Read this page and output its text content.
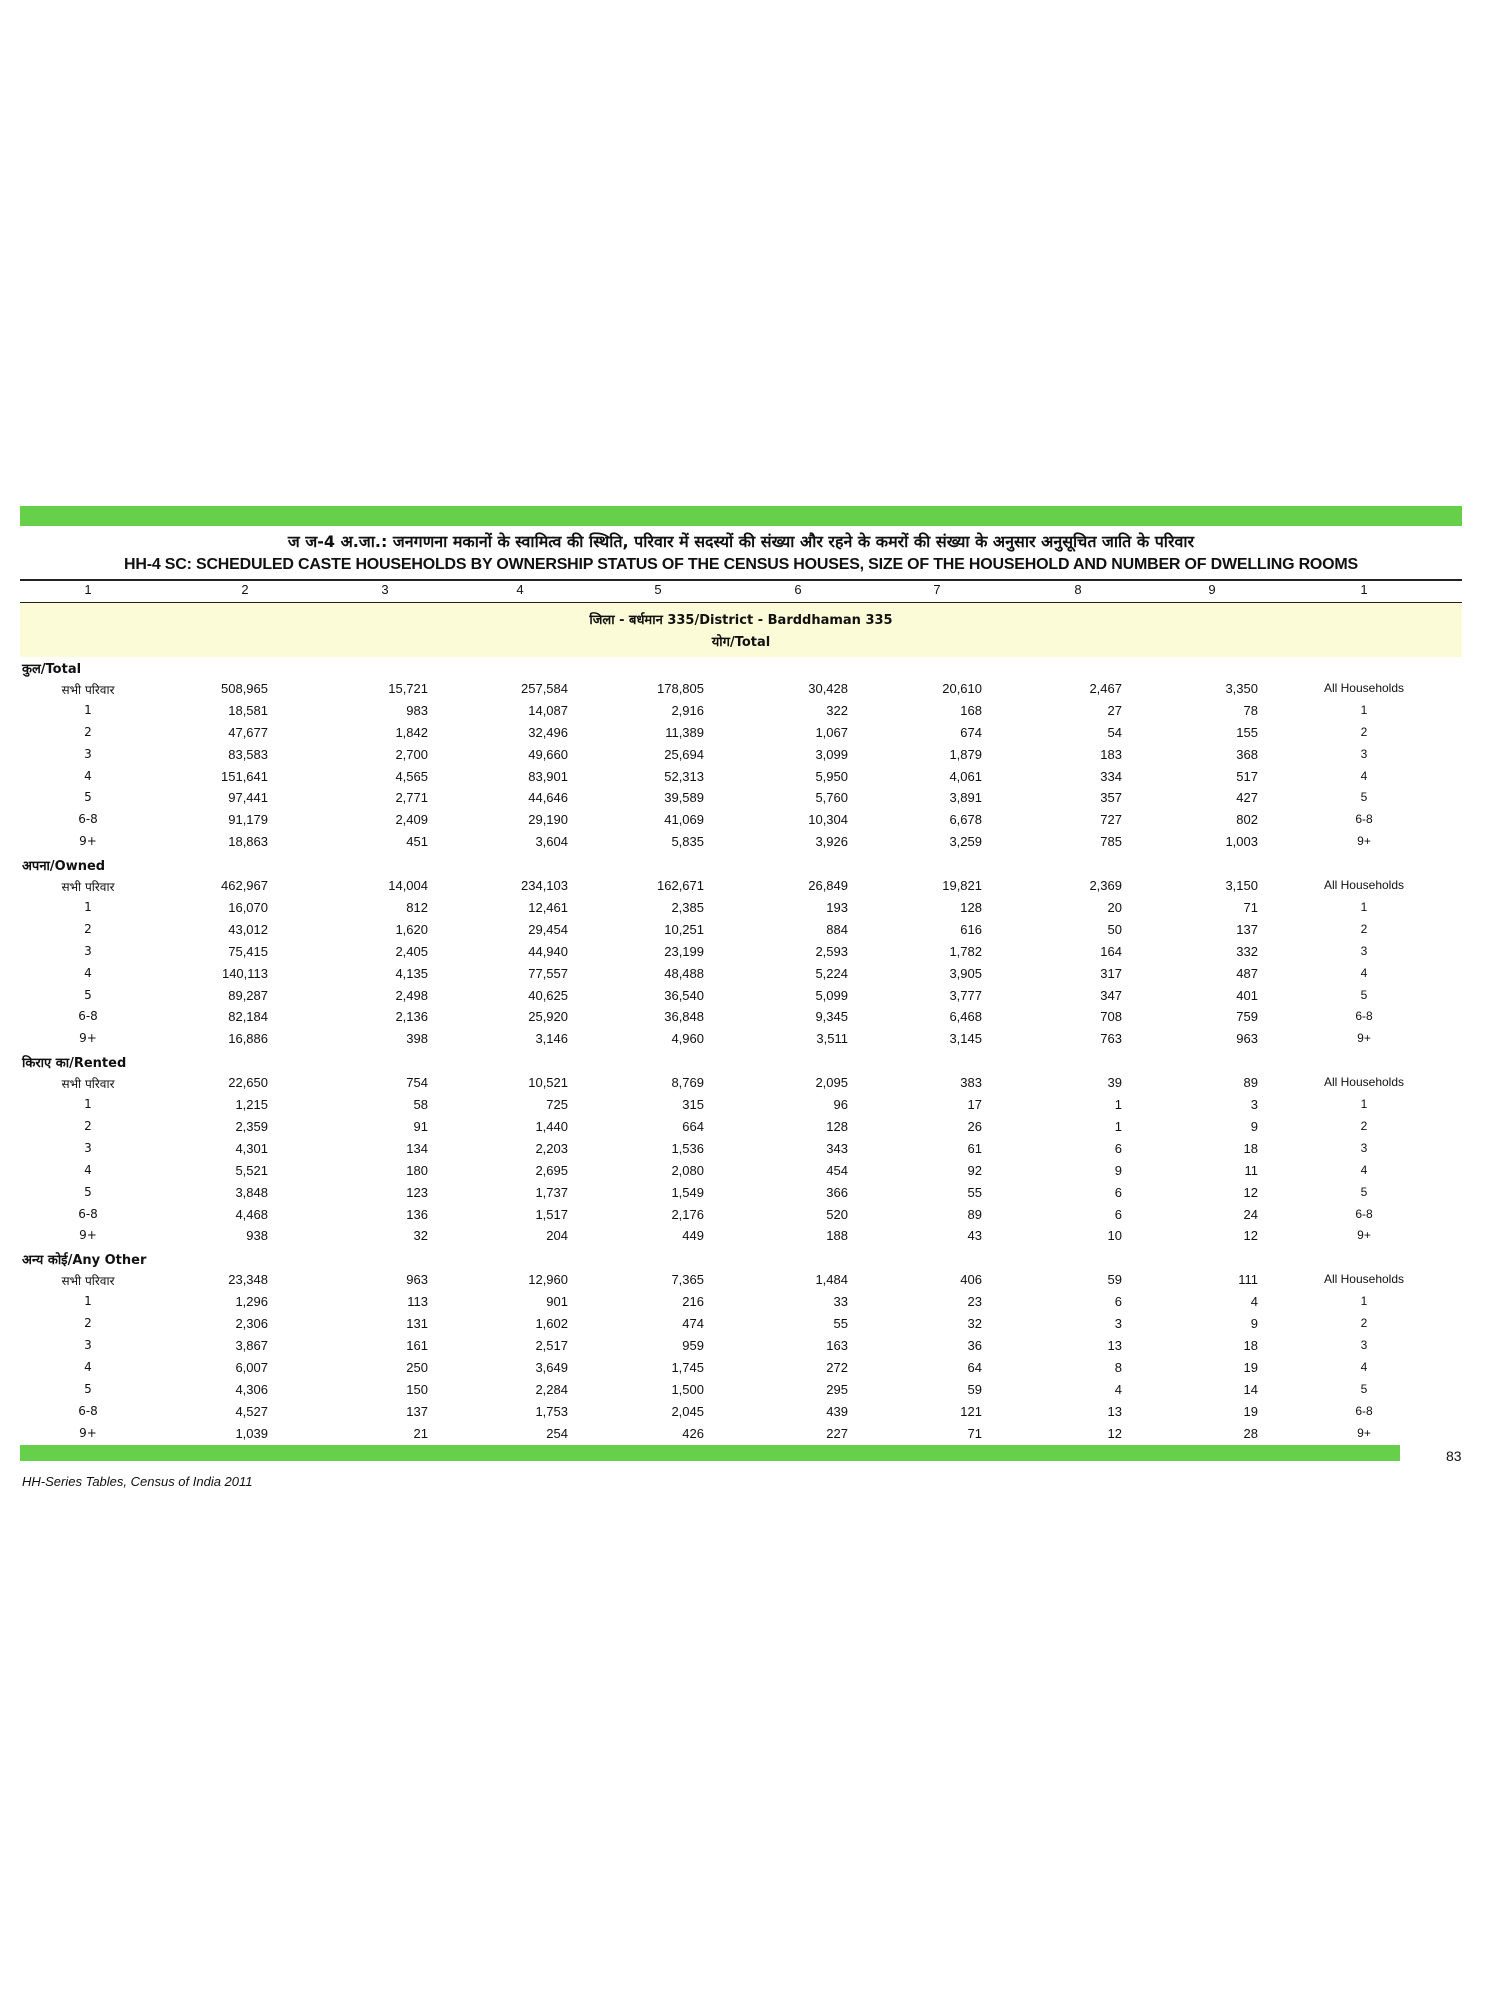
ज ज-4 अ.जा.: जनगणना मकानों के स्वामित्व की स्थिति, परिवार में सदस्यों की संख्या और रहने के कमरों की संख्या के अनुसार अनुसूचित जाति के परिवार
HH-4 SC: SCHEDULED CASTE HOUSEHOLDS BY OWNERSHIP STATUS OF THE CENSUS HOUSES, SIZE OF THE HOUSEHOLD AND NUMBER OF DWELLING ROOMS
1	2	3	4	5	6	7	8	9	1
जिला - बर्धमान 335/District - Barddhaman 335
योग/Total
कुल/Total
सभी परिवार	508,965	15,721	257,584	178,805	30,428	20,610	2,467	3,350	All Households
1	18,581	983	14,087	2,916	322	168	27	78	1
2	47,677	1,842	32,496	11,389	1,067	674	54	155	2
3	83,583	2,700	49,660	25,694	3,099	1,879	183	368	3
4	151,641	4,565	83,901	52,313	5,950	4,061	334	517	4
5	97,441	2,771	44,646	39,589	5,760	3,891	357	427	5
6-8	91,179	2,409	29,190	41,069	10,304	6,678	727	802	6-8
9+	18,863	451	3,604	5,835	3,926	3,259	785	1,003	9+
अपना/Owned
सभी परिवार	462,967	14,004	234,103	162,671	26,849	19,821	2,369	3,150	All Households
1	16,070	812	12,461	2,385	193	128	20	71	1
2	43,012	1,620	29,454	10,251	884	616	50	137	2
3	75,415	2,405	44,940	23,199	2,593	1,782	164	332	3
4	140,113	4,135	77,557	48,488	5,224	3,905	317	487	4
5	89,287	2,498	40,625	36,540	5,099	3,777	347	401	5
6-8	82,184	2,136	25,920	36,848	9,345	6,468	708	759	6-8
9+	16,886	398	3,146	4,960	3,511	3,145	763	963	9+
किराए का/Rented
सभी परिवार	22,650	754	10,521	8,769	2,095	383	39	89	All Households
1	1,215	58	725	315	96	17	1	3	1
2	2,359	91	1,440	664	128	26	1	9	2
3	4,301	134	2,203	1,536	343	61	6	18	3
4	5,521	180	2,695	2,080	454	92	9	11	4
5	3,848	123	1,737	1,549	366	55	6	12	5
6-8	4,468	136	1,517	2,176	520	89	6	24	6-8
9+	938	32	204	449	188	43	10	12	9+
अन्य कोई/Any Other
सभी परिवार	23,348	963	12,960	7,365	1,484	406	59	111	All Households
1	1,296	113	901	216	33	23	6	4	1
2	2,306	131	1,602	474	55	32	3	9	2
3	3,867	161	2,517	959	163	36	13	18	3
4	6,007	250	3,649	1,745	272	64	8	19	4
5	4,306	150	2,284	1,500	295	59	4	14	5
6-8	4,527	137	1,753	2,045	439	121	13	19	6-8
9+	1,039	21	254	426	227	71	12	28	9+
83
HH-Series Tables, Census of India 2011
